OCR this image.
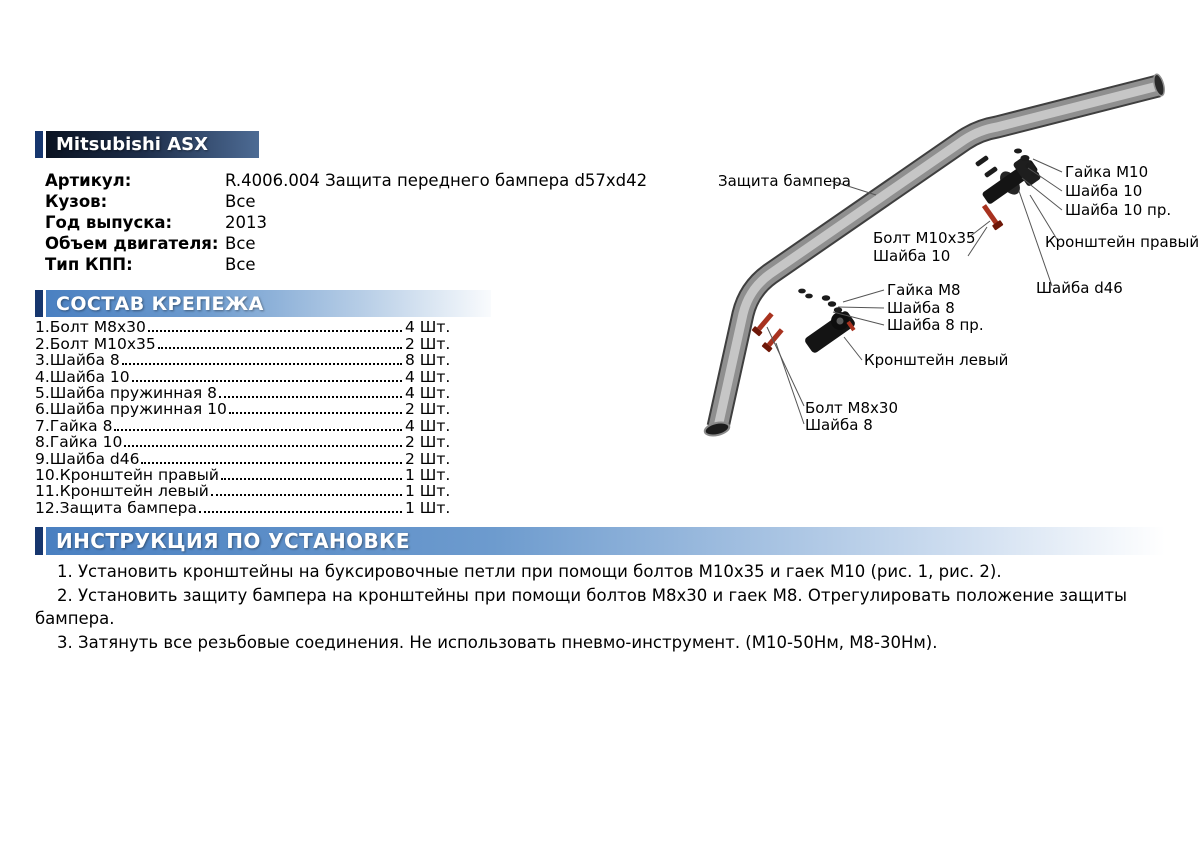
Mitsubishi ASX
Артикул:	R.4006.004 Защита переднего бампера d57xd42
Кузов:	Все
Год выпуска:	2013
Объем двигателя: Все
Тип КПП:	Все
СОСТАВ КРЕПЕЖА
1.Болт М8х30	4 Шт.
2.Болт М10х35	2 Шт.
3.Шайба 8	8 Шт.
4.Шайба 10	4 Шт.
5.Шайба пружинная 8	4 Шт.
6.Шайба пружинная 10	2 Шт.
7.Гайка 8	4 Шт.
8.Гайка 10	2 Шт.
9.Шайба d46	2 Шт.
10.Кронштейн правый	1 Шт.
11.Кронштейн левый	1 Шт.
12.Защита бампера	1 Шт.
ИНСТРУКЦИЯ ПО УСТАНОВКЕ

1. Установить кронштейны на буксировочные петли при помощи болтов М10х35 и гаек М10 (рис. 1, рис. 2).

2. Установить защиту бампера на кронштейны при помощи болтов М8х30 и гаек М8. Отрегулировать положение защиты бампера.

3. Затянуть все резьбовые соединения. Не использовать пневмо-инструмент. (М10-50Нм, М8-30Нм).

Защита бампера	Гайка М10
Шайба 10
Шайба 10 пр.
Кронштейн правый
Болт М10х35
Шайба 10
Шайба d46
Гайка М8
Шайба 8
Шайба 8 пр.
Кронштейн левый
Болт М8х30
Шайба 8
